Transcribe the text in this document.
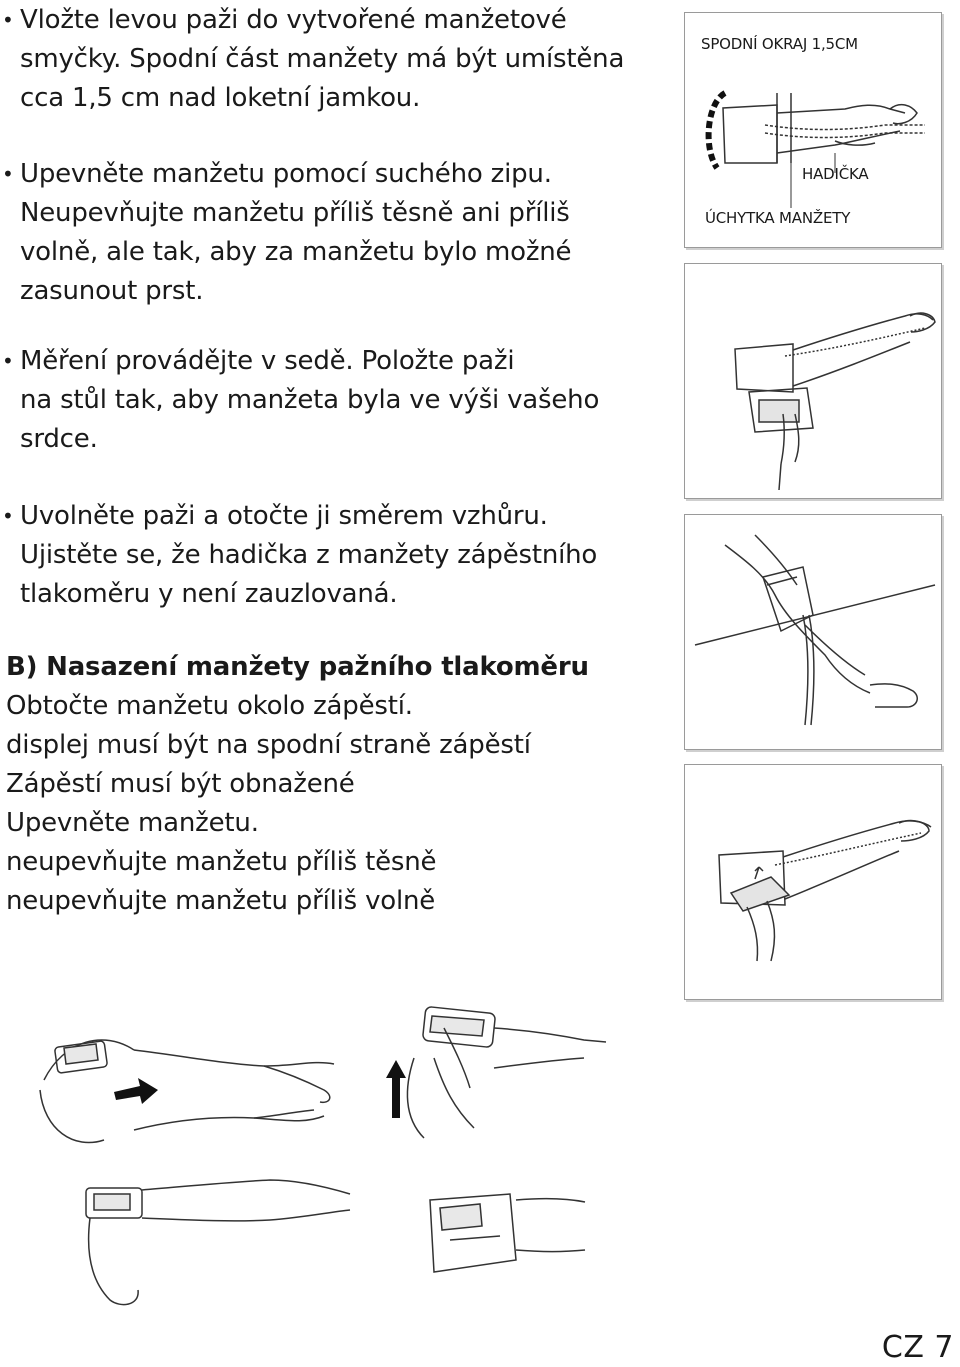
• Vložte levou paži do vytvořené manžetové
smyčky. Spodní část manžety má být umístěna
cca 1,5 cm nad loketní jamkou.
• Upevněte manžetu pomocí suchého zipu.
Neupevňujte manžetu příliš těsně ani příliš
volně, ale tak, aby za manžetu bylo možné
zasunout prst.
• Měření provádějte v sedě. Položte paži
na stůl tak, aby manžeta byla ve výši vašeho
srdce.
• Uvolněte paži a otočte ji směrem vzhůru.
Ujistěte se, že hadička z manžety zápěstního
tlakoměru y není zauzlovaná.
B) Nasazení manžety pažního tlakoměru
Obtočte manžetu okolo zápěstí.
displej musí být na spodní straně zápěstí
Zápěstí musí být obnažené
Upevněte manžetu.
neupevňujte manžetu příliš těsně
neupevňujte manžetu příliš volně
SPODNÍ OKRAJ 1,5CM
HADIČKA
ÚCHYTKA MANŽETY
CZ 7
